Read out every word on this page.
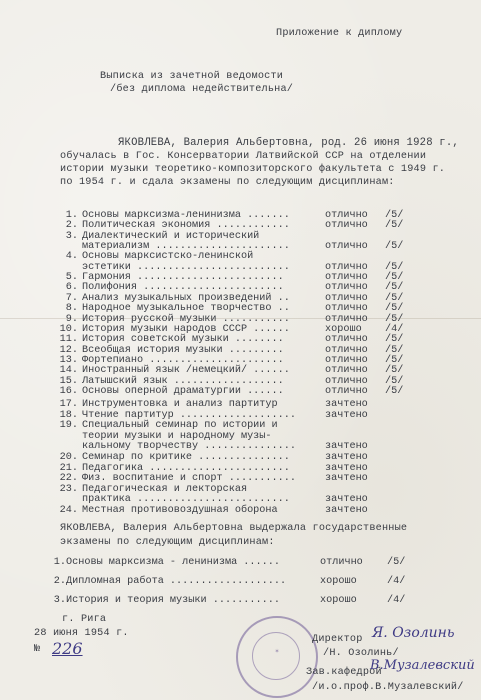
Приложение к диплому
Выписка из зачетной ведомости
/без диплома недействительна/
ЯКОВЛЕВА, Валерия Альбертовна, род. 26 июня 1928 г.,
обучалась в Гос. Консерватории Латвийской ССР на отделении
истории музыки теоретико-композиторского факультета с 1949 г.
по 1954 г. и сдала экзамены по следующим дисциплинам:
1. Основы марксизма-ленинизма .......	отлично /5/
2. Политическая экономия ............	отлично /5/
3. Диалектический и исторический
материализм ......................	отлично /5/
4. Основы марксистско-ленинской
эстетики .........................	отлично /5/
5. Гармония ........................	отлично /5/
6. Полифония .......................	отлично /5/
7. Анализ музыкальных произведений ..	отлично /5/
8. Народное музыкальное творчество ..	отлично /5/
9. История русской музыки ...........	отлично /5/
10. История музыки народов СССР ......	хорошо /4/
11. История советской музыки ........	отлично /5/
12. Всеобщая история музыки .........	отлично /5/
13. Фортепиано ......................	отлично /5/
14. Иностранный язык /немецкий/ ......	отлично /5/
15. Латышский язык ..................	отлично /5/
16. Основы оперной драматургии ......	отлично /5/
17. Инструментовка и анализ партитур	зачтено
18. Чтение партитур ...................	зачтено
19. Специальный семинар по истории и
теории музыки и народному музы-
кальному творчеству ...............	зачтено
20. Семинар по критике ...............	зачтено
21. Педагогика .......................	зачтено
22. Физ. воспитание и спорт ...........	зачтено
23. Педагогическая и лекторская
практика .........................	зачтено
24. Местная противовоздушная оборона	зачтено
ЯКОВЛЕВА, Валерия Альбертовна выдержала государственные
экзамены по следующим дисциплинам:
1. Основы марксизма - ленинизма ......	отлично /5/
2. Дипломная работа ...................	хорошо	/4/
3. История и теория музыки ...........	хорошо	/4/
г. Рига
28 июня 1954 г.
№ 226	✶
Директор Я. Озолинь
/Н. Озолинь/
Зав.кафедрой
В.Музалевский
/и.о.проф.В.Музалевский/
